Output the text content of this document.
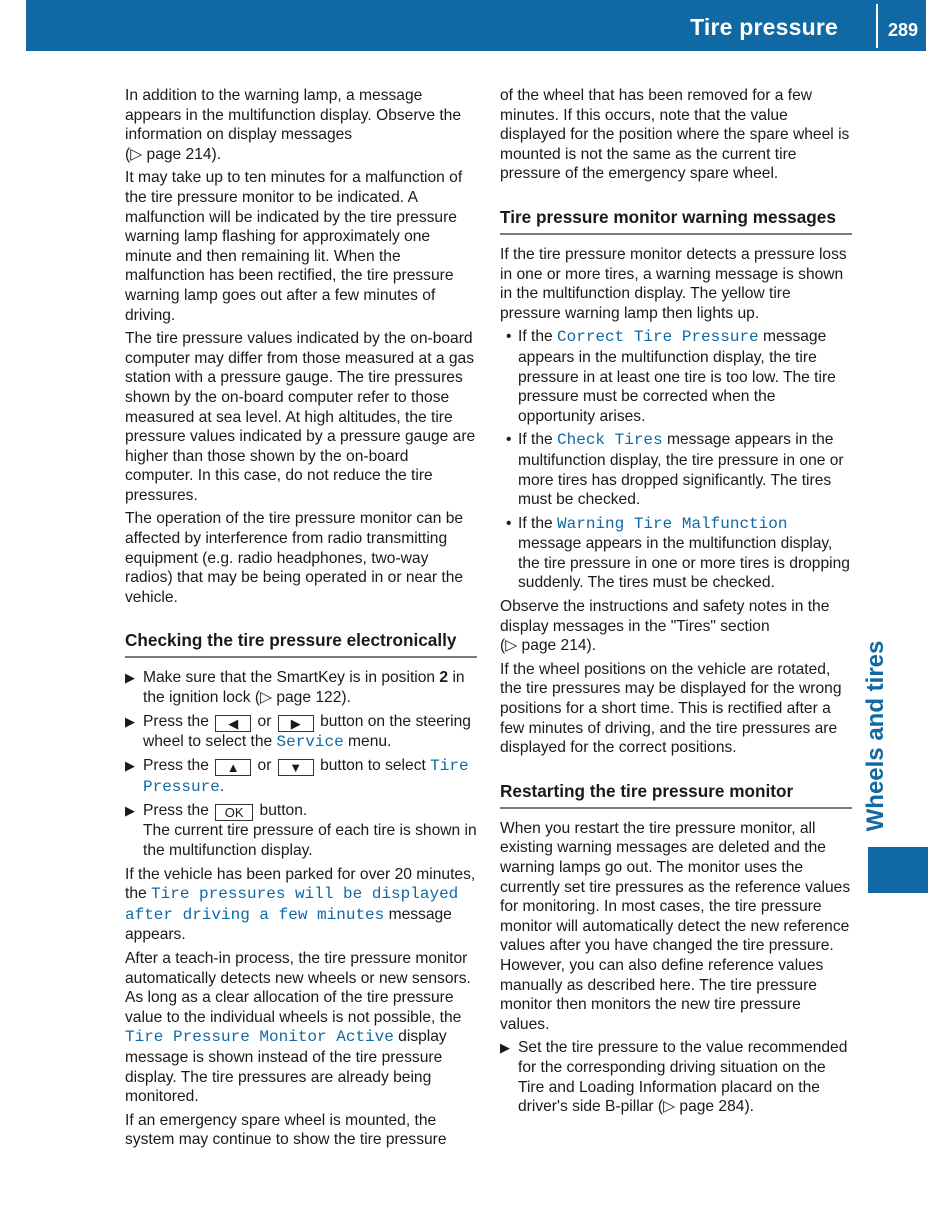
Tire pressure	289
Wheels and tires

In addition to the warning lamp, a message appears in the multifunction display. Observe the information on display messages
(▷ page 214).

It may take up to ten minutes for a malfunction of the tire pressure monitor to be indicated. A malfunction will be indicated by the tire pressure warning lamp flashing for approximately one minute and then remaining lit. When the malfunction has been rectified, the tire pressure warning lamp goes out after a few minutes of driving.

The tire pressure values indicated by the on-board computer may differ from those measured at a gas station with a pressure gauge. The tire pressures shown by the on-board computer refer to those measured at sea level. At high altitudes, the tire pressure values indicated by a pressure gauge are higher than those shown by the on-board computer. In this case, do not reduce the tire pressures.

The operation of the tire pressure monitor can be affected by interference from radio transmitting equipment (e.g. radio headphones, two-way radios) that may be being operated in or near the vehicle.

Checking the tire pressure electronically
▶ Make sure that the SmartKey is in position 2 in the ignition lock (▷ page 122).
▶ Press the ◀ or ▶ button on the steering wheel to select the Service menu.
▶ Press the ▲ or ▼ button to select Tire Pressure.
▶ Press the OK button.
The current tire pressure of each tire is shown in the multifunction display.

If the vehicle has been parked for over 20 minutes, the Tire pressures will be displayed after driving a few minutes message appears.

After a teach-in process, the tire pressure monitor automatically detects new wheels or new sensors. As long as a clear allocation of the tire pressure value to the individual wheels is not possible, the Tire Pressure Monitor Active display message is shown instead of the tire pressure display. The tire pressures are already being monitored.

If an emergency spare wheel is mounted, the system may continue to show the tire pressure

of the wheel that has been removed for a few minutes. If this occurs, note that the value displayed for the position where the spare wheel is mounted is not the same as the current tire pressure of the emergency spare wheel.

Tire pressure monitor warning messages

If the tire pressure monitor detects a pressure loss in one or more tires, a warning message is shown in the multifunction display. The yellow tire pressure warning lamp then lights up.

• If the Correct Tire Pressure message appears in the multifunction display, the tire pressure in at least one tire is too low. The tire pressure must be corrected when the opportunity arises.
• If the Check Tires message appears in the multifunction display, the tire pressure in one or more tires has dropped significantly. The tires must be checked.
• If the Warning Tire Malfunction message appears in the multifunction display, the tire pressure in one or more tires is dropping suddenly. The tires must be checked.

Observe the instructions and safety notes in the display messages in the "Tires" section
(▷ page 214).

If the wheel positions on the vehicle are rotated, the tire pressures may be displayed for the wrong positions for a short time. This is rectified after a few minutes of driving, and the tire pressures are displayed for the correct positions.

Restarting the tire pressure monitor

When you restart the tire pressure monitor, all existing warning messages are deleted and the warning lamps go out. The monitor uses the currently set tire pressures as the reference values for monitoring. In most cases, the tire pressure monitor will automatically detect the new reference values after you have changed the tire pressure. However, you can also define reference values manually as described here. The tire pressure monitor then monitors the new tire pressure values.

▶ Set the tire pressure to the value recommended for the corresponding driving situation on the Tire and Loading Information placard on the driver's side B-pillar (▷ page 284).
